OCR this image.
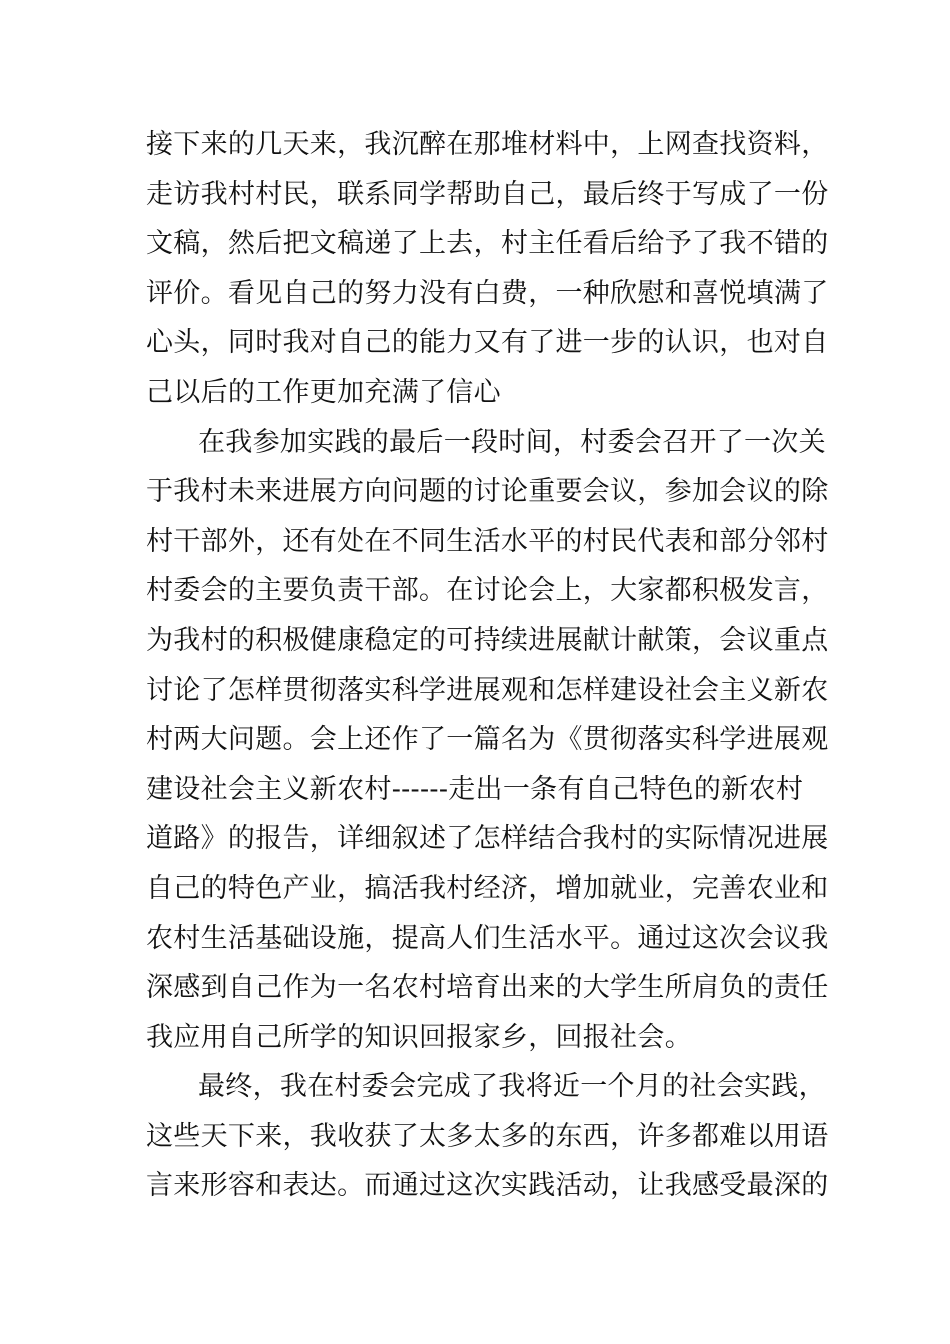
接下来的几天来，我沉醉在那堆材料中，上网查找资料，
走访我村村民，联系同学帮助自己，最后终于写成了一份
文稿，然后把文稿递了上去，村主任看后给予了我不错的
评价。看见自己的努力没有白费，一种欣慰和喜悦填满了
心头，同时我对自己的能力又有了进一步的认识，也对自
己以后的工作更加充满了信心
在我参加实践的最后一段时间，村委会召开了一次关
于我村未来进展方向问题的讨论重要会议，参加会议的除
村干部外，还有处在不同生活水平的村民代表和部分邻村
村委会的主要负责干部。在讨论会上，大家都积极发言，
为我村的积极健康稳定的可持续进展献计献策，会议重点
讨论了怎样贯彻落实科学进展观和怎样建设社会主义新农
村两大问题。会上还作了一篇名为《贯彻落实科学进展观
建设社会主义新农村------走出一条有自己特色的新农村
道路》的报告，详细叙述了怎样结合我村的实际情况进展
自己的特色产业，搞活我村经济，增加就业，完善农业和
农村生活基础设施，提高人们生活水平。通过这次会议我
深感到自己作为一名农村培育出来的大学生所肩负的责任
我应用自己所学的知识回报家乡，回报社会。
最终，我在村委会完成了我将近一个月的社会实践，
这些天下来，我收获了太多太多的东西，许多都难以用语
言来形容和表达。而通过这次实践活动，让我感受最深的
